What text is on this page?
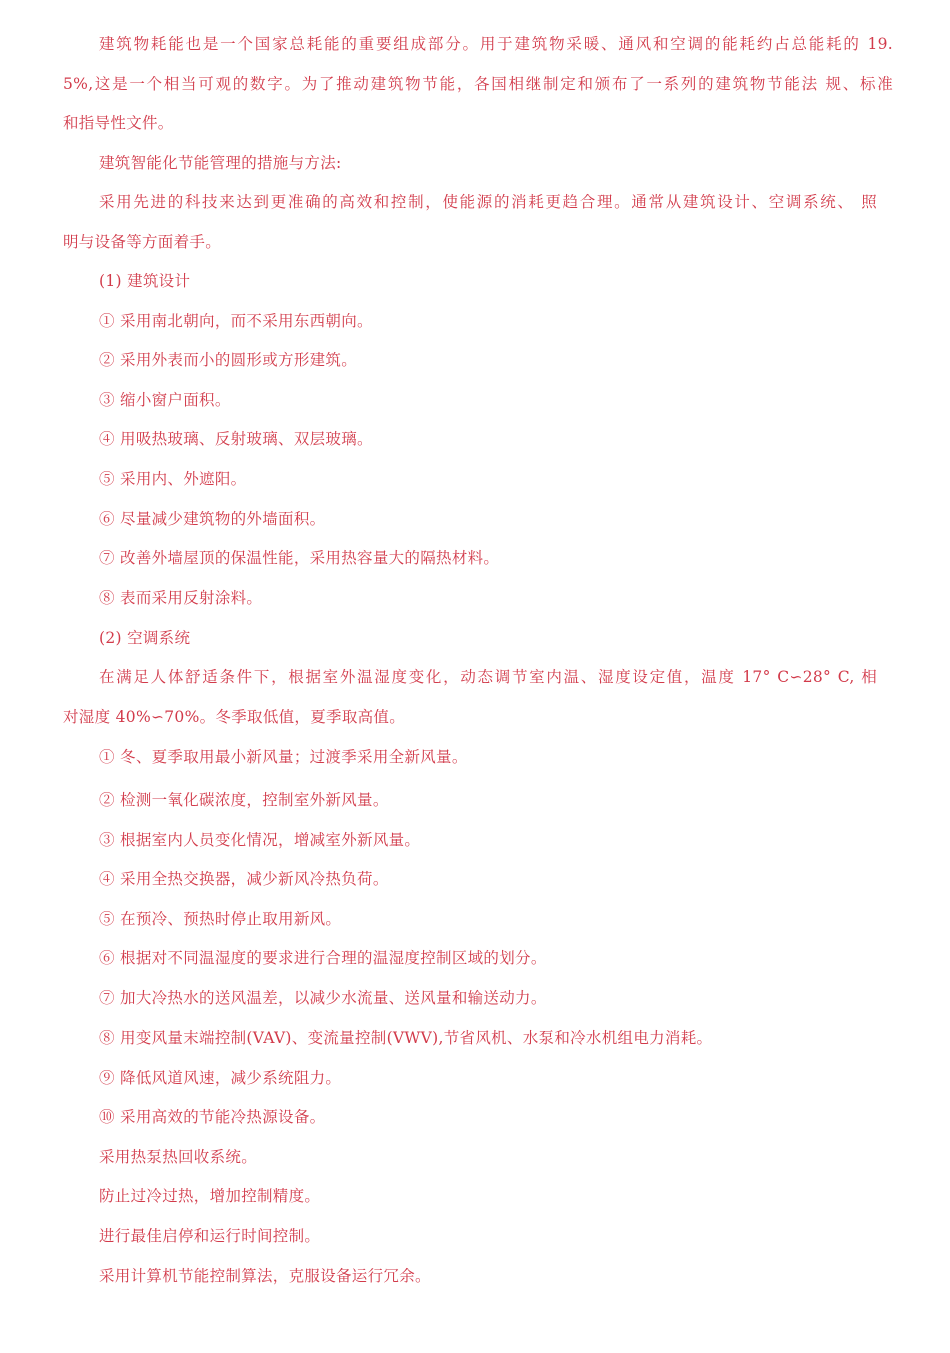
建筑物耗能也是一个国家总耗能的重要组成部分。用于建筑物采暖、通风和空调的能耗约占总能耗的 19.
5%,这是一个相当可观的数字。为了推动建筑物节能，各国相继制定和颁布了一系列的建筑物节能法 规、标准
和指导性文件。
建筑智能化节能管理的措施与方法:
采用先进的科技来达到更准确的高效和控制，使能源的消耗更趋合理。通常从建筑设计、空调系统、 照
明与设备等方面着手。
(1) 建筑设计
① 采用南北朝向，而不采用东西朝向。
② 采用外表而小的圆形或方形建筑。
③ 缩小窗户面积。
④ 用吸热玻璃、反射玻璃、双层玻璃。
⑤ 采用内、外遮阳。
⑥ 尽量减少建筑物的外墙面积。
⑦ 改善外墙屋顶的保温性能，采用热容量大的隔热材料。
⑧ 表而采用反射涂料。
(2) 空调系统
在满足人体舒适条件下，根据室外温湿度变化，动态调节室内温、湿度设定值，温度 17° C∽28° C, 相
对湿度 40%∽70%。冬季取低值，夏季取高值。
① 冬、夏季取用最小新风量；过渡季采用全新风量。
② 检测一氧化碳浓度，控制室外新风量。
③ 根据室内人员变化情况，增减室外新风量。
④ 采用全热交换器，减少新风冷热负荷。
⑤ 在预冷、预热时停止取用新风。
⑥ 根据对不同温湿度的要求进行合理的温湿度控制区域的划分。
⑦ 加大冷热水的送风温差，以减少水流量、送风量和输送动力。
⑧ 用变风量末端控制(VAV)、变流量控制(VWV),节省风机、水泵和冷水机组电力消耗。
⑨ 降低风道风速，减少系统阻力。
⑩ 采用高效的节能冷热源设备。
采用热泵热回收系统。
防止过冷过热，增加控制精度。
进行最佳启停和运行时间控制。
采用计算机节能控制算法，克服设备运行冗余。
